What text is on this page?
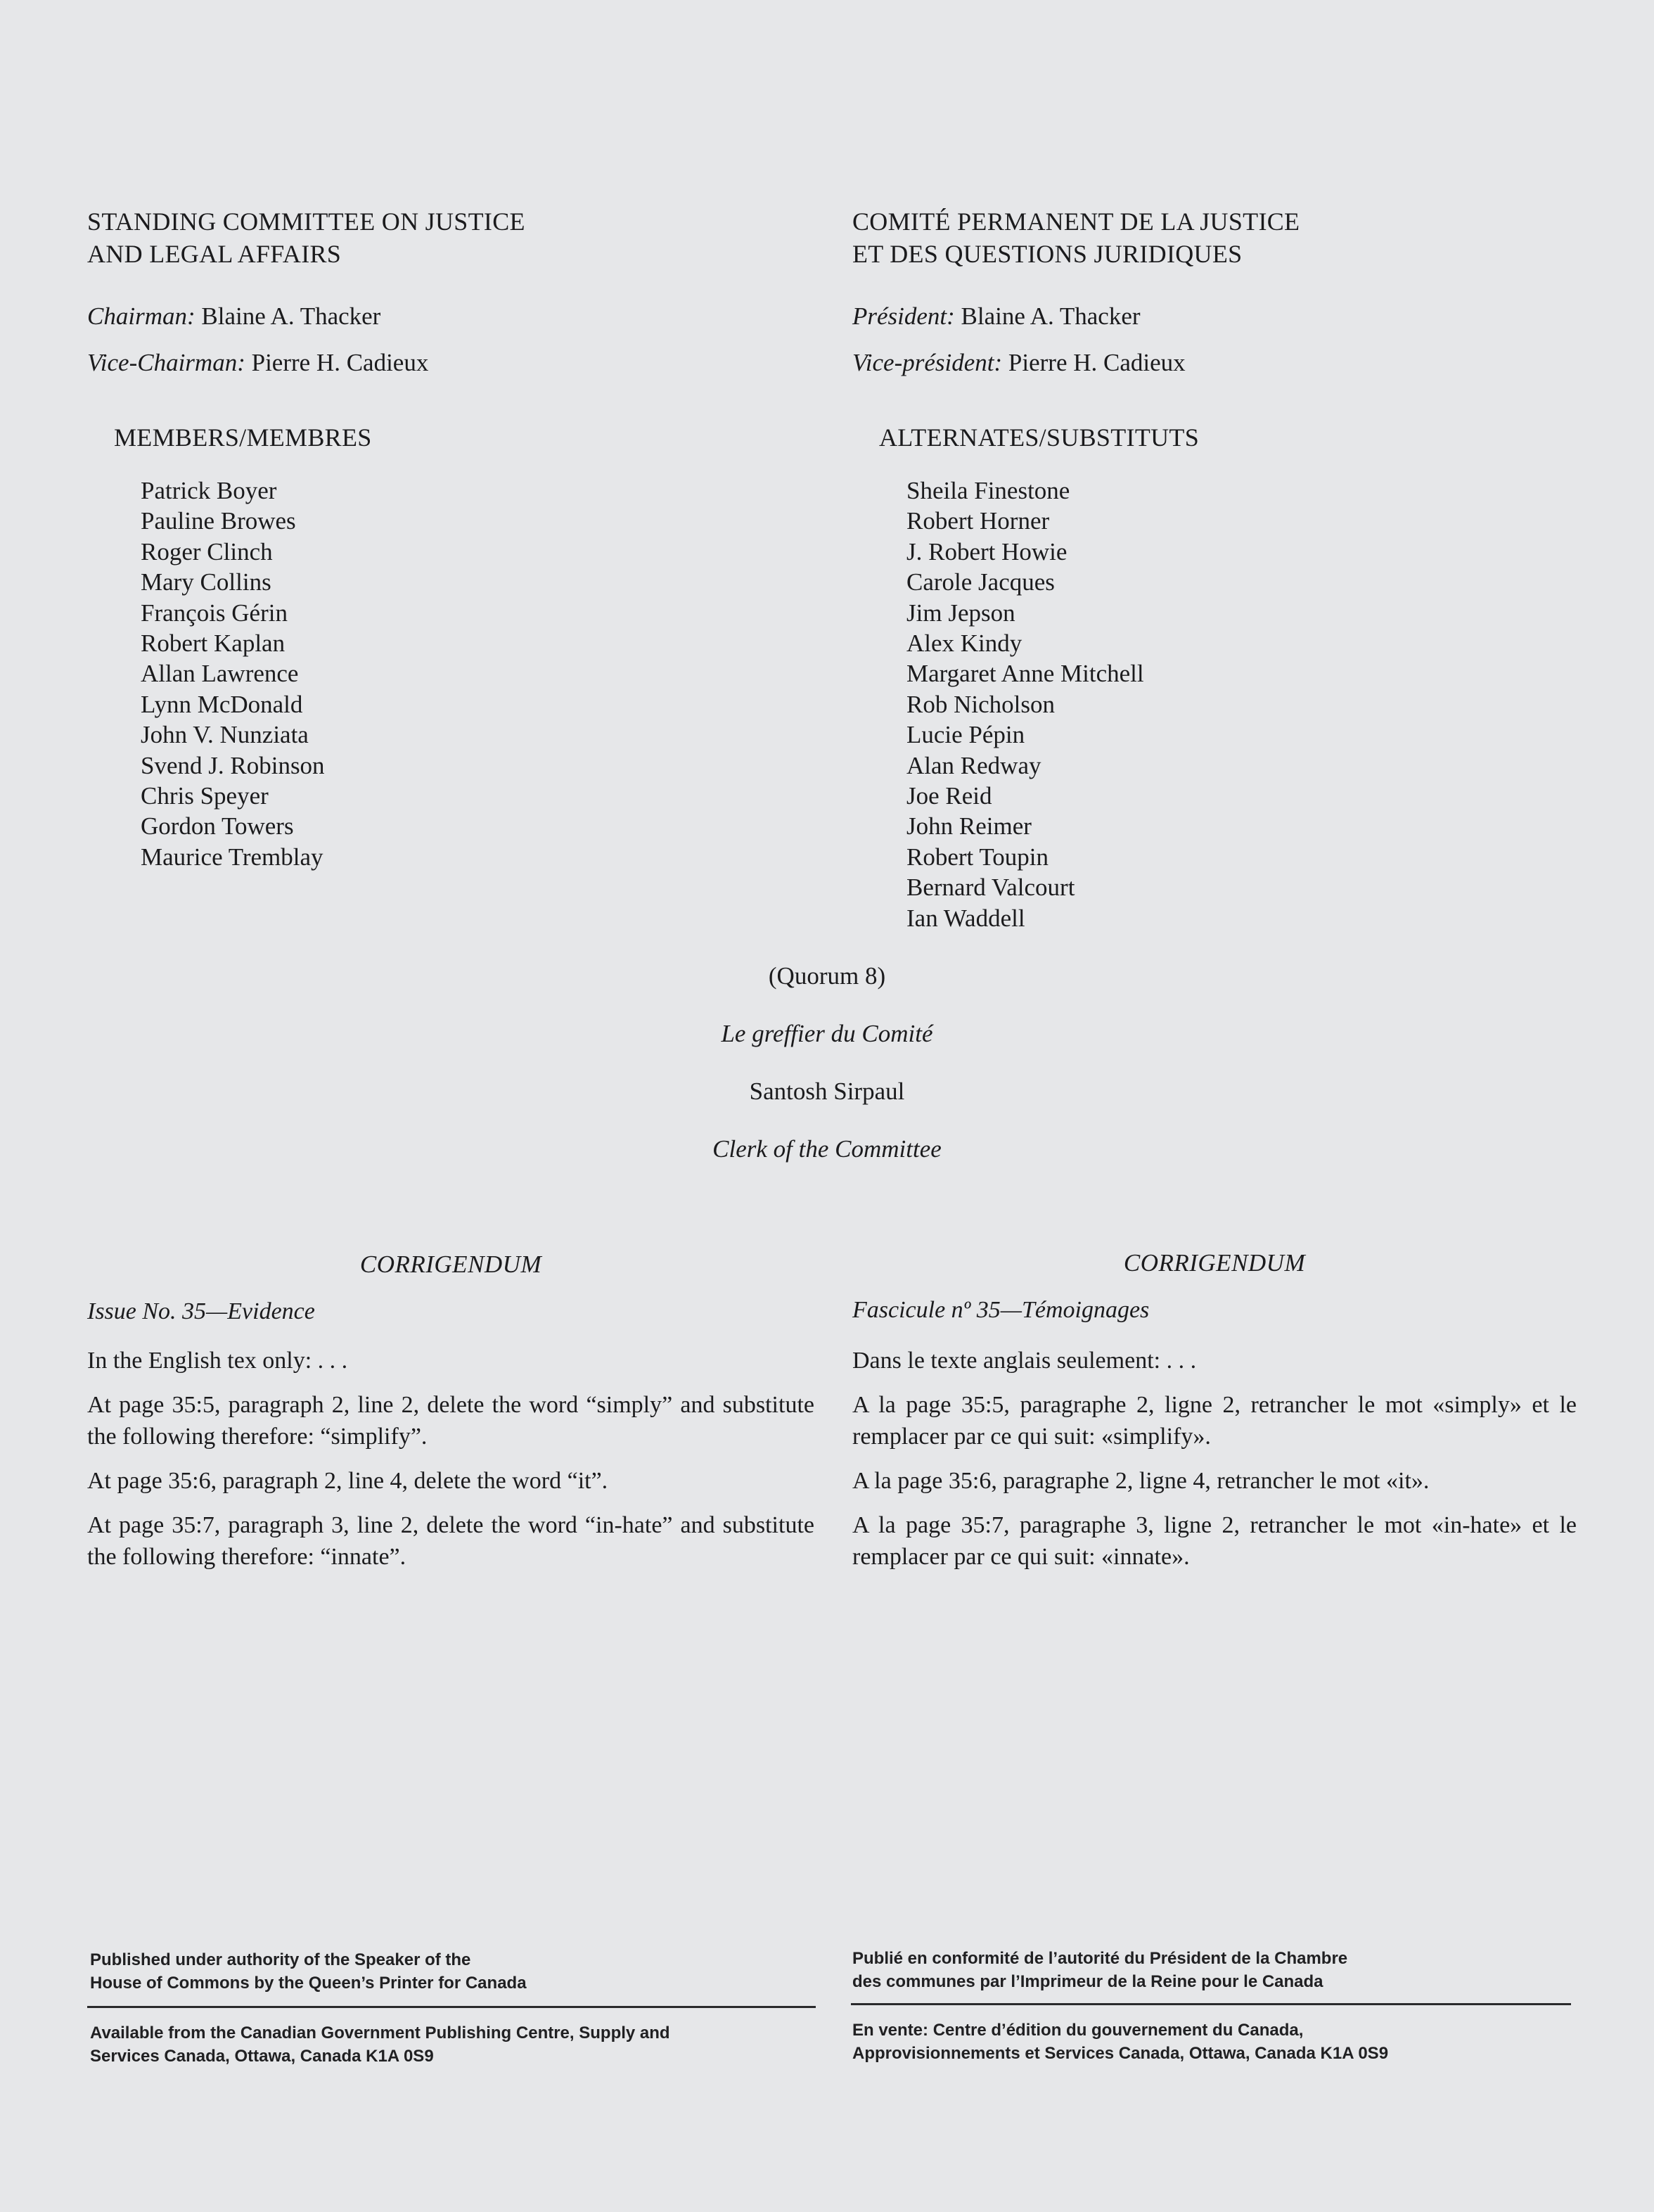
STANDING COMMITTEE ON JUSTICE
AND LEGAL AFFAIRS
Chairman: Blaine A. Thacker
Vice-Chairman: Pierre H. Cadieux
COMITÉ PERMANENT DE LA JUSTICE
ET DES QUESTIONS JURIDIQUES
Président: Blaine A. Thacker
Vice-président: Pierre H. Cadieux
MEMBERS/MEMBRES
Patrick Boyer
Pauline Browes
Roger Clinch
Mary Collins
François Gérin
Robert Kaplan
Allan Lawrence
Lynn McDonald
John V. Nunziata
Svend J. Robinson
Chris Speyer
Gordon Towers
Maurice Tremblay
ALTERNATES/SUBSTITUTS
Sheila Finestone
Robert Horner
J. Robert Howie
Carole Jacques
Jim Jepson
Alex Kindy
Margaret Anne Mitchell
Rob Nicholson
Lucie Pépin
Alan Redway
Joe Reid
John Reimer
Robert Toupin
Bernard Valcourt
Ian Waddell
(Quorum 8)
Le greffier du Comité
Santosh Sirpaul
Clerk of the Committee
CORRIGENDUM
Issue No. 35—Evidence

In the English tex only: . . .

At page 35:5, paragraph 2, line 2, delete the word “simply” and substitute the following therefore: “simplify”.

At page 35:6, paragraph 2, line 4, delete the word “it”.

At page 35:7, paragraph 3, line 2, delete the word “in-hate” and substitute the following therefore: “innate”.

CORRIGENDUM
Fascicule nº 35—Témoignages

Dans le texte anglais seulement: . . .

A la page 35:5, paragraphe 2, ligne 2, retrancher le mot «simply» et le remplacer par ce qui suit: «simplify».

A la page 35:6, paragraphe 2, ligne 4, retrancher le mot «it».

A la page 35:7, paragraphe 3, ligne 2, retrancher le mot «in-hate» et le remplacer par ce qui suit: «innate».

Published under authority of the Speaker of the
House of Commons by the Queen’s Printer for Canada
Available from the Canadian Government Publishing Centre, Supply and
Services Canada, Ottawa, Canada K1A 0S9
Publié en conformité de l’autorité du Président de la Chambre
des communes par l’Imprimeur de la Reine pour le Canada
En vente: Centre d’édition du gouvernement du Canada,
Approvisionnements et Services Canada, Ottawa, Canada K1A 0S9
